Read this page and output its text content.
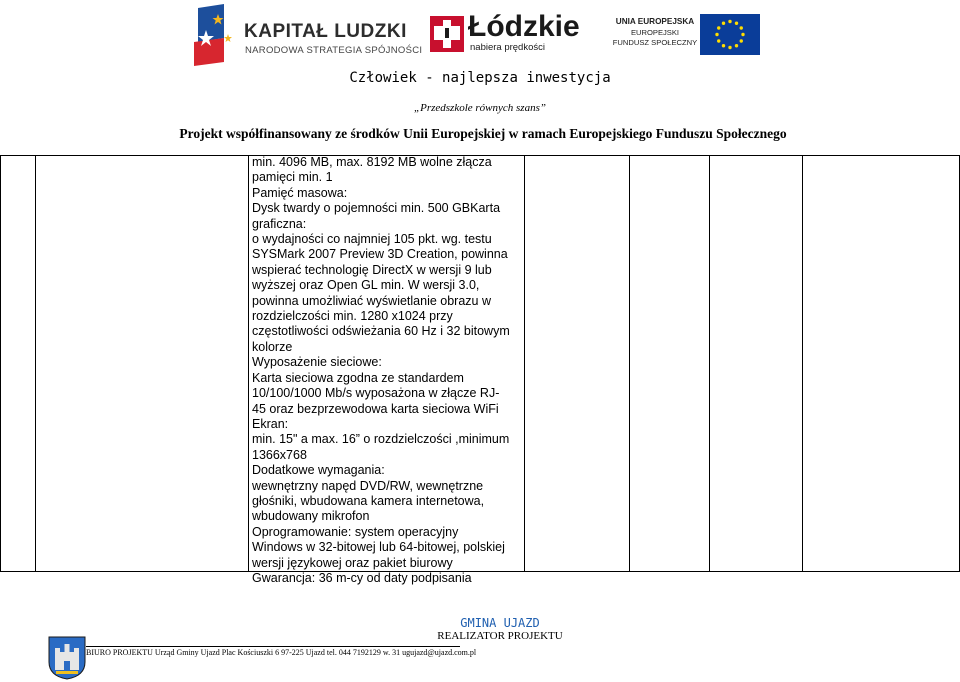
KAPITAŁ LUDZKI
NARODOWA STRATEGIA SPÓJNOŚCI
Łódzkie
nabiera prędkości
UNIA EUROPEJSKA
EUROPEJSKI
FUNDUSZ SPOŁECZNY
Człowiek - najlepsza inwestycja
„Przedszkole równych szans”
Projekt współfinansowany ze środków Unii Europejskiej w ramach Europejskiego Funduszu Społecznego
min. 4096 MB, max. 8192 MB wolne złącza
pamięci min. 1
Pamięć masowa:
Dysk twardy o pojemności min. 500 GBKarta
graficzna:
o wydajności co najmniej 105 pkt. wg. testu
SYSMark 2007 Preview 3D Creation, powinna
wspierać technologię DirectX w wersji 9 lub
wyższej oraz Open GL min. W wersji 3.0,
powinna umożliwiać wyświetlanie obrazu w
rozdzielczości min. 1280 x1024 przy
częstotliwości odświeżania 60 Hz i 32 bitowym
kolorze
Wyposażenie sieciowe:
Karta sieciowa zgodna ze standardem
10/100/1000 Mb/s wyposażona w złącze RJ-
45 oraz bezprzewodowa karta sieciowa WiFi
Ekran:
min. 15" a max. 16” o rozdzielczości ,minimum
1366x768
Dodatkowe wymagania:
wewnętrzny napęd DVD/RW, wewnętrzne
głośniki, wbudowana kamera internetowa,
wbudowany mikrofon
Oprogramowanie: system operacyjny
Windows w 32-bitowej lub 64-bitowej, polskiej
wersji językowej oraz pakiet biurowy
Gwarancja: 36 m-cy od daty podpisania
GMINA UJAZD
REALIZATOR PROJEKTU
BIURO PROJEKTU Urząd Gminy Ujazd Plac Kościuszki 6 97-225 Ujazd tel. 044 7192129 w. 31 ugujazd@ujazd.com.pl
